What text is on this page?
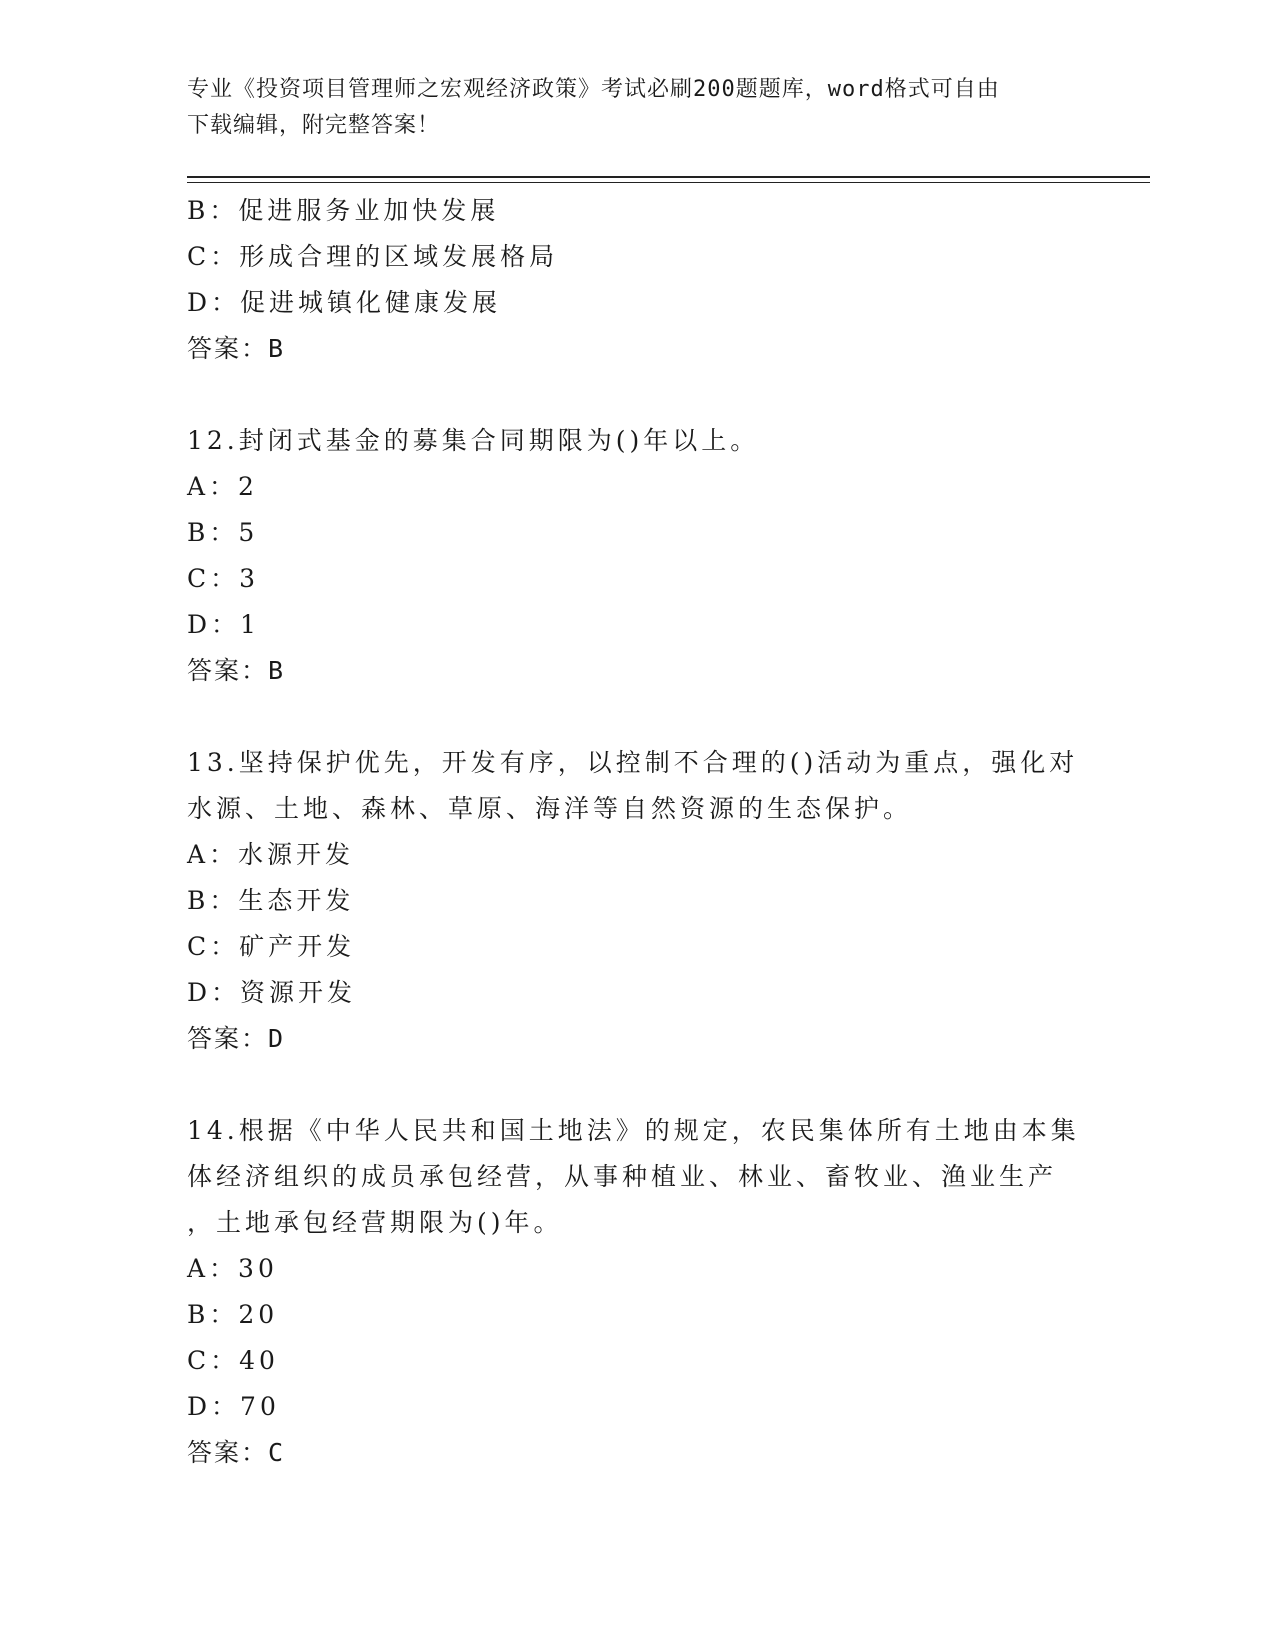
专业《投资项目管理师之宏观经济政策》考试必刷200题题库，word格式可自由
下载编辑，附完整答案！
B：促进服务业加快发展
C：形成合理的区域发展格局
D：促进城镇化健康发展
答案：B
12.封闭式基金的募集合同期限为()年以上。
A：2
B：5
C：3
D：1
答案：B
13.坚持保护优先，开发有序，以控制不合理的()活动为重点，强化对
水源、土地、森林、草原、海洋等自然资源的生态保护。
A：水源开发
B：生态开发
C：矿产开发
D：资源开发
答案：D
14.根据《中华人民共和国土地法》的规定，农民集体所有土地由本集
体经济组织的成员承包经营，从事种植业、林业、畜牧业、渔业生产
，土地承包经营期限为()年。
A：30
B：20
C：40
D：70
答案：C
